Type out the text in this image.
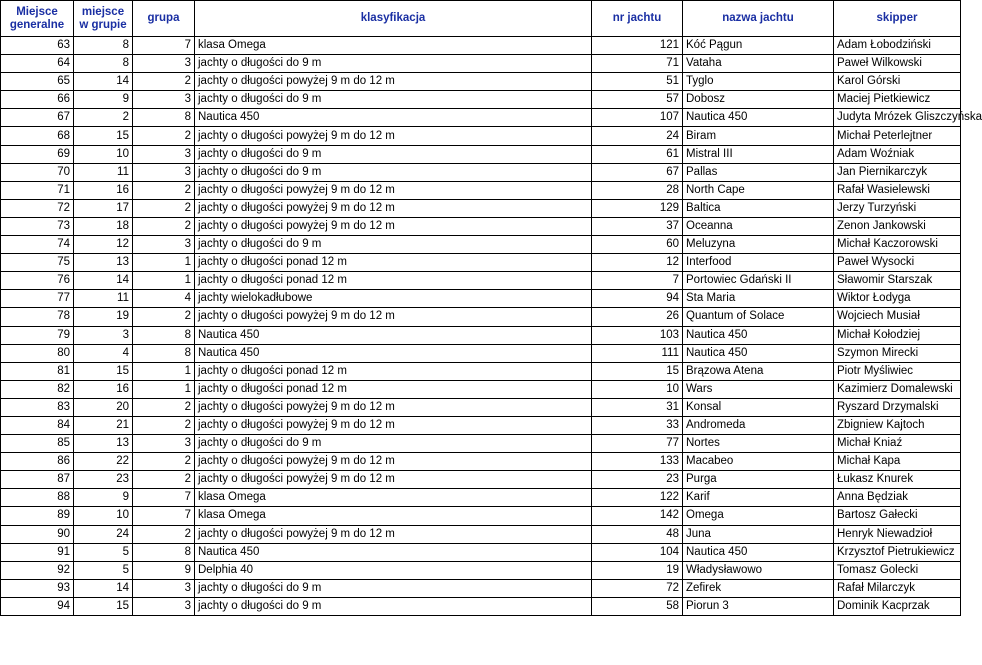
Miejsce generalne	miejsce w grupie	grupa	klasyfikacja	nr jachtu	nazwa jachtu	skipper
63	8	7	klasa Omega	121	Kóć Pągun	Adam Łobodziński
64	8	3	jachty o długości do 9 m	71	Vataha	Paweł Wilkowski
65	14	2	jachty o długości powyżej 9 m do 12 m	51	Tyglo	Karol Górski
66	9	3	jachty o długości do 9 m	57	Dobosz	Maciej Pietkiewicz
67	2	8	Nautica 450	107	Nautica 450	Judyta Mrózek Gliszczyńska
68	15	2	jachty o długości powyżej 9 m do 12 m	24	Biram	Michał Peterlejtner
69	10	3	jachty o długości do 9 m	61	Mistral III	Adam Woźniak
70	11	3	jachty o długości do 9 m	67	Pallas	Jan Piernikarczyk
71	16	2	jachty o długości powyżej 9 m do 12 m	28	North Cape	Rafał Wasielewski
72	17	2	jachty o długości powyżej 9 m do 12 m	129	Baltica	Jerzy Turzyński
73	18	2	jachty o długości powyżej 9 m do 12 m	37	Oceanna	Zenon Jankowski
74	12	3	jachty o długości do 9 m	60	Meluzyna	Michał Kaczorowski
75	13	1	jachty o długości ponad 12 m	12	Interfood	Paweł Wysocki
76	14	1	jachty o długości ponad 12 m	7	Portowiec Gdański II	Sławomir Starszak
77	11	4	jachty wielokadłubowe	94	Sta Maria	Wiktor Łodyga
78	19	2	jachty o długości powyżej 9 m do 12 m	26	Quantum of Solace	Wojciech Musiał
79	3	8	Nautica 450	103	Nautica 450	Michał Kołodziej
80	4	8	Nautica 450	111	Nautica 450	Szymon Mirecki
81	15	1	jachty o długości ponad 12 m	15	Brązowa Atena	Piotr Myśliwiec
82	16	1	jachty o długości ponad 12 m	10	Wars	Kazimierz Domalewski
83	20	2	jachty o długości powyżej 9 m do 12 m	31	Konsal	Ryszard Drzymalski
84	21	2	jachty o długości powyżej 9 m do 12 m	33	Andromeda	Zbigniew Kajtoch
85	13	3	jachty o długości do 9 m	77	Nortes	Michał Kniaź
86	22	2	jachty o długości powyżej 9 m do 12 m	133	Macabeo	Michał Kapa
87	23	2	jachty o długości powyżej 9 m do 12 m	23	Purga	Łukasz Knurek
88	9	7	klasa Omega	122	Karif	Anna Będziak
89	10	7	klasa Omega	142	Omega	Bartosz Gałecki
90	24	2	jachty o długości powyżej 9 m do 12 m	48	Juna	Henryk Niewadzioł
91	5	8	Nautica 450	104	Nautica 450	Krzysztof Pietrukiewicz
92	5	9	Delphia 40	19	Władysławowo	Tomasz Golecki
93	14	3	jachty o długości do 9 m	72	Zefirek	Rafał Milarczyk
94	15	3	jachty o długości do 9 m	58	Piorun 3	Dominik Kacprzak
